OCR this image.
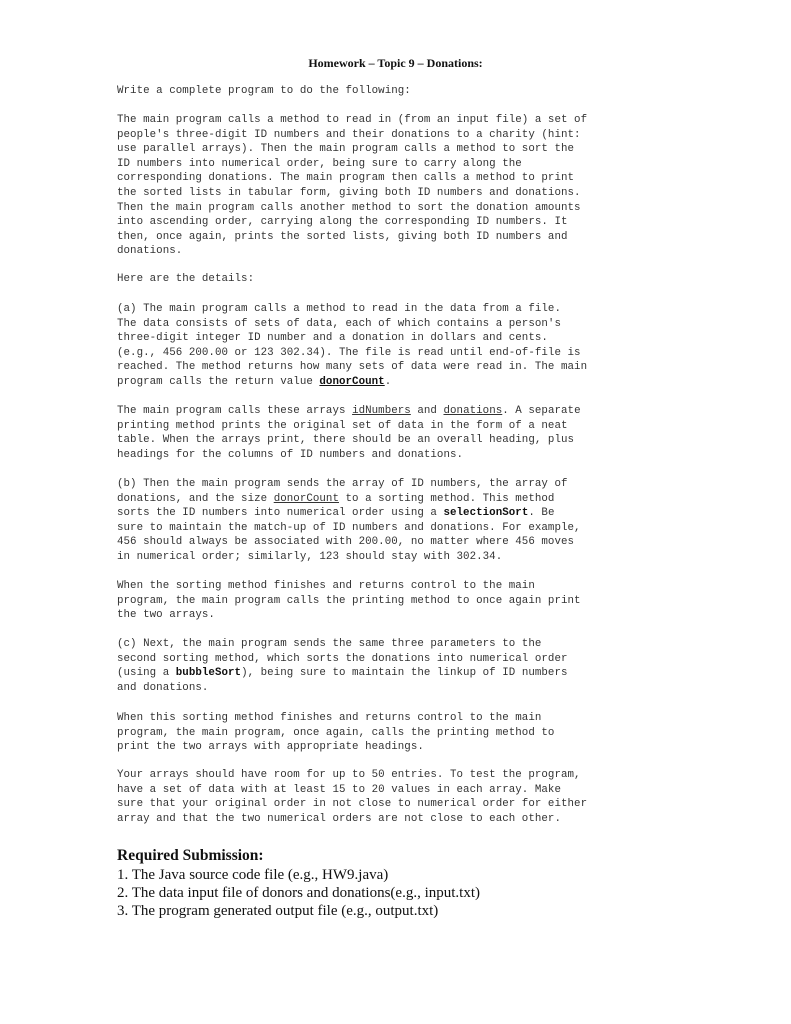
Homework – Topic 9 – Donations:

Write a complete program to do the following:

The main program calls a method to read in (from an input file) a set of

people's three-digit ID numbers and their donations to a charity (hint:

use parallel arrays). Then the main program calls a method to sort the

ID numbers into numerical order, being sure to carry along the

corresponding donations. The main program then calls a method to print

the sorted lists in tabular form, giving both ID numbers and donations.

Then the main program calls another method to sort the donation amounts

into ascending order, carrying along the corresponding ID numbers. It

then, once again, prints the sorted lists, giving both ID numbers and

donations.

Here are the details:

(a) The main program calls a method to read in the data from a file.

The data consists of sets of data, each of which contains a person's

three-digit integer ID number and a donation in dollars and cents.

(e.g., 456 200.00 or 123 302.34). The file is read until end-of-file is

reached. The method returns how many sets of data were read in. The main

program calls the return value donorCount.

The main program calls these arrays idNumbers and donations. A separate

printing method prints the original set of data in the form of a neat

table. When the arrays print, there should be an overall heading, plus

headings for the columns of ID numbers and donations.

(b) Then the main program sends the array of ID numbers, the array of

donations, and the size donorCount to a sorting method. This method

sorts the ID numbers into numerical order using a selectionSort. Be

sure to maintain the match-up of ID numbers and donations. For example,

456 should always be associated with 200.00, no matter where 456 moves

in numerical order; similarly, 123 should stay with 302.34.

When the sorting method finishes and returns control to the main

program, the main program calls the printing method to once again print

the two arrays.

(c) Next, the main program sends the same three parameters to the

second sorting method, which sorts the donations into numerical order

(using a bubbleSort), being sure to maintain the linkup of ID numbers

and donations.

When this sorting method finishes and returns control to the main

program, the main program, once again, calls the printing method to

print the two arrays with appropriate headings.

Your arrays should have room for up to 50 entries. To test the program,

have a set of data with at least 15 to 20 values in each array. Make

sure that your original order in not close to numerical order for either

array and that the two numerical orders are not close to each other.

Required Submission:
1. The Java source code file (e.g., HW9.java)
2. The data input file of donors and donations(e.g., input.txt)
3. The program generated output file (e.g., output.txt)
